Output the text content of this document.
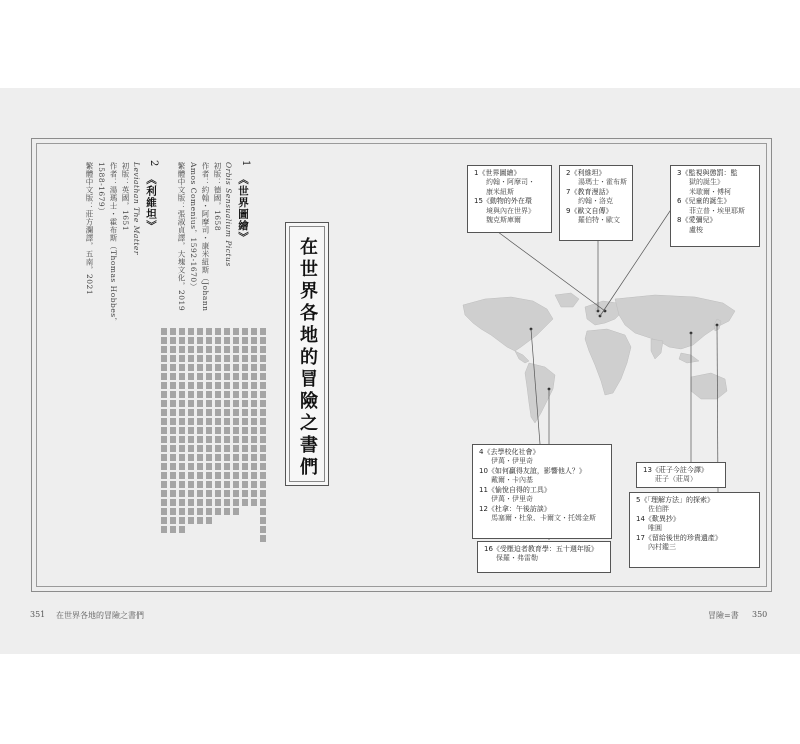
1
《世界圖繪》
Orbis Sensualium Pictus
初版：德國，1658
作者：約翰・阿摩司・康米紐斯（Johann
Amos Comenius，1592-1670）
繁體中文版：張淑貞譯，大塊文化，2019
2
《利維坦》
Leviathan The Matter
初版：英國，1651
作者：湯瑪士・霍布斯（Thomas Hobbes，
1588-1679）
繁體中文版：莊方瀾譯，五南，2021
在世界各地的冒險之書們
1《世界圖繪》
約翰・阿摩司・
康米紐斯
15《動物的外在環
境與內在世界》
魏克斯庫爾
2《利維坦》
湯瑪士・霍布斯
7《教育漫話》
約翰・洛克
9《歐文自傳》
羅伯特・歐文
3《監視與懲罰：監
獄的誕生》
米歇爾・傅柯
6《兒童的誕生》
菲立普・埃里耶斯
8《愛彌兒》
盧梭
4《去學校化社會》
伊萬・伊里奇
10《如何贏得友誼，影響他人？》
戴爾・卡內基
11《愉悅自得的工具》
伊萬・伊里奇
12《杜拿：午後訪談》
馬塞爾・杜象、卡爾文・托姆金斯
16《受壓迫者教育學：五十週年版》
保羅・弗雷勒
13《莊子今註今譯》
莊子（莊周）
5《「理解方法」的探索》
佐伯胖
14《歎異抄》
唯圓
17《留給後世的珍貴遺產》
內村鑑三
351 在世界各地的冒險之書們	冒險=書 350
